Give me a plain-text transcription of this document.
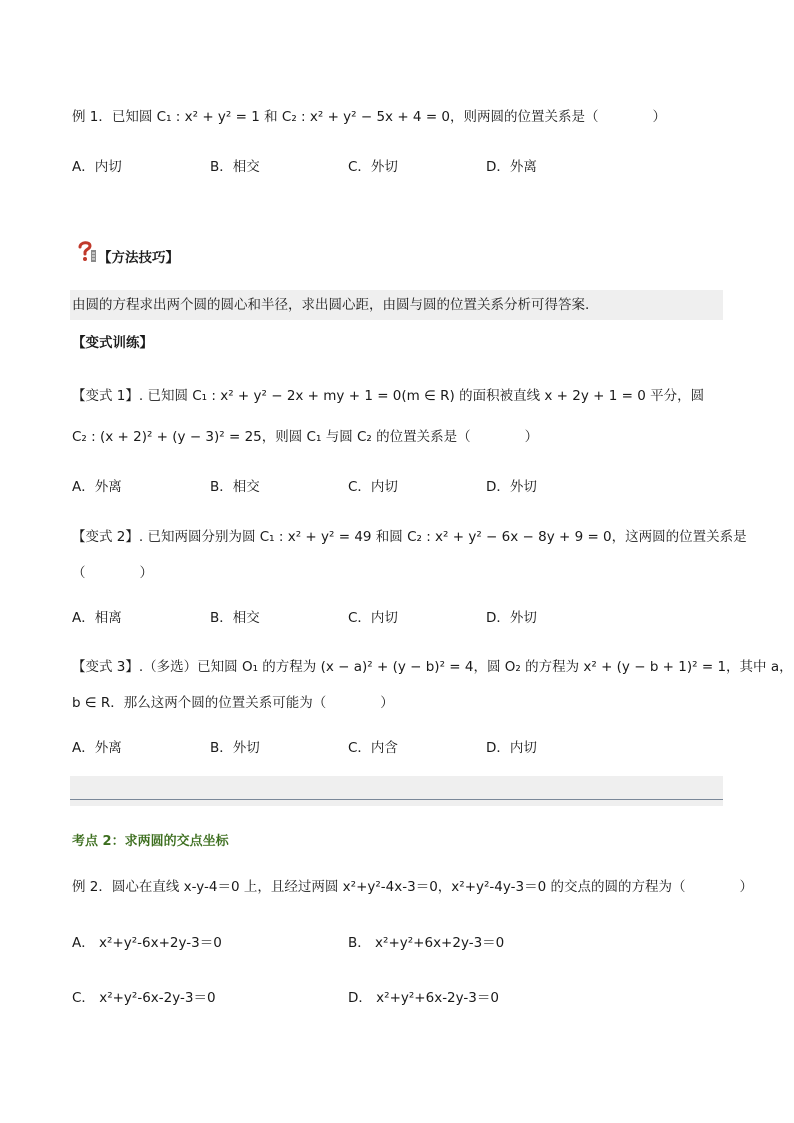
例 1．已知圆 C₁ : x² + y² = 1 和 C₂ : x² + y² − 5x + 4 = 0，则两圆的位置关系是（　　　　）
A．内切	B．相交	C．外切	D．外离
【方法技巧】
由圆的方程求出两个圆的圆心和半径，求出圆心距，由圆与圆的位置关系分析可得答案.
【变式训练】
【变式 1】. 已知圆 C₁ : x² + y² − 2x + my + 1 = 0(m ∈ R) 的面积被直线 x + 2y + 1 = 0 平分，圆
C₂ : (x + 2)² + (y − 3)² = 25，则圆 C₁ 与圆 C₂ 的位置关系是（　　　　）
A．外离	B．相交	C．内切	D．外切
【变式 2】. 已知两圆分别为圆 C₁ : x² + y² = 49 和圆 C₂ : x² + y² − 6x − 8y + 9 = 0，这两圆的位置关系是
（　　　　）
A．相离	B．相交	C．内切	D．外切
【变式 3】.（多选）已知圆 O₁ 的方程为 (x − a)² + (y − b)² = 4，圆 O₂ 的方程为 x² + (y − b + 1)² = 1，其中 a，
b ∈ R．那么这两个圆的位置关系可能为（　　　　）
A．外离	B．外切	C．内含	D．内切
考点 2：求两圆的交点坐标
例 2．圆心在直线 x-y-4＝0 上，且经过两圆 x²+y²-4x-3＝0，x²+y²-4y-3＝0 的交点的圆的方程为（　　　　）
A． x²+y²-6x+2y-3＝0	B． x²+y²+6x+2y-3＝0
C． x²+y²-6x-2y-3＝0	D． x²+y²+6x-2y-3＝0
